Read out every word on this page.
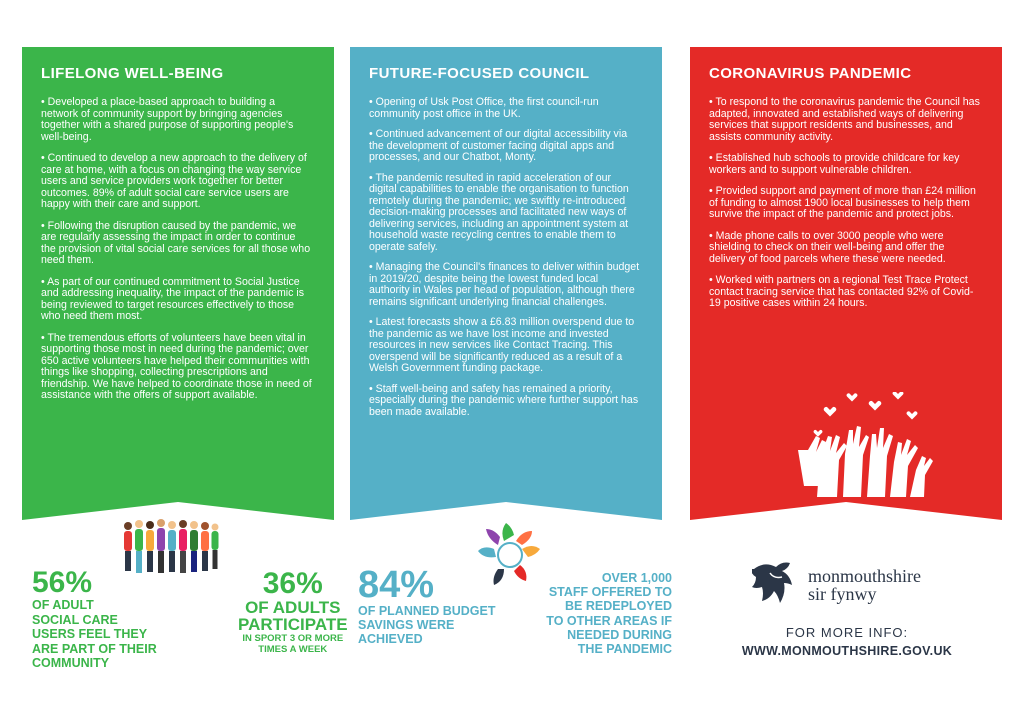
LIFELONG WELL-BEING

• Developed a place-based approach to building a network of community support by bringing agencies together with a shared purpose of supporting people's well-being.

• Continued to develop a new approach to the delivery of care at home, with a focus on changing the way service users and service providers work together for better outcomes. 89% of adult social care service users are happy with their care and support.

• Following the disruption caused by the pandemic, we are regularly assessing the impact in order to continue the provision of vital social care services for all those who need them.

• As part of our continued commitment to Social Justice and addressing inequality, the impact of the pandemic is being reviewed to target resources effectively to those who need them most.

• The tremendous efforts of volunteers have been vital in supporting those most in need during the pandemic; over 650 active volunteers have helped their communities with things like shopping, collecting prescriptions and friendship. We have helped to coordinate those in need of assistance with the offers of support available.

FUTURE-FOCUSED COUNCIL

• Opening of Usk Post Office, the first council-run community post office in the UK.

• Continued advancement of our digital accessibility via the development of customer facing digital apps and processes, and our Chatbot, Monty.

• The pandemic resulted in rapid acceleration of our digital capabilities to enable the organisation to function remotely during the pandemic; we swiftly re-introduced decision-making processes and facilitated new ways of delivering services, including an appointment system at household waste recycling centres to enable them to operate safely.

• Managing the Council's finances to deliver within budget in 2019/20, despite being the lowest funded local authority in Wales per head of population, although there remains significant underlying financial challenges.

• Latest forecasts show a £6.83 million overspend due to the pandemic as we have lost income and invested resources in new services like Contact Tracing. This overspend will be significantly reduced as a result of a Welsh Government funding package.

• Staff well-being and safety has remained a priority, especially during the pandemic where further support has been made available.

CORONAVIRUS PANDEMIC

• To respond to the coronavirus pandemic the Council has adapted, innovated and established ways of delivering services that support residents and businesses, and assists community activity.

• Established hub schools to provide childcare for key workers and to support vulnerable children.

• Provided support and payment of more than £24 million of funding to almost 1900 local businesses to help them survive the impact of the pandemic and protect jobs.

• Made phone calls to over 3000 people who were shielding to check on their well-being and offer the delivery of food parcels where these were needed.

• Worked with partners on a regional Test Trace Protect contact tracing service that has contacted 92% of Covid-19 positive cases within 24 hours.

56%
OF ADULT
SOCIAL CARE
USERS FEEL THEY
ARE PART OF THEIR
COMMUNITY
36%
OF ADULTS
PARTICIPATE
IN SPORT 3 OR MORE
TIMES A WEEK
84%
OF PLANNED BUDGET
SAVINGS WERE
ACHIEVED
OVER 1,000
STAFF OFFERED TO
BE REDEPLOYED
TO OTHER AREAS IF
NEEDED DURING
THE PANDEMIC
monmouthshire
sir fynwy
FOR MORE INFO:
WWW.MONMOUTHSHIRE.GOV.UK
